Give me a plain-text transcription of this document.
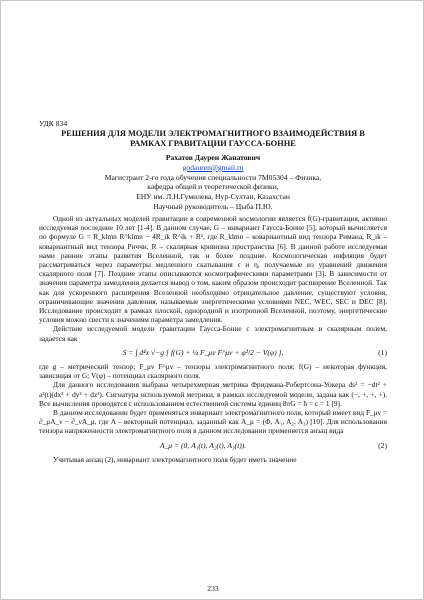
УДК 834
РЕШЕНИЯ ДЛЯ МОДЕЛИ ЭЛЕКТРОМАГНИТНОГО ВЗАИМОДЕЙСТВИЯ В
РАМКАХ ГРАВИТАЦИИ ГАУССА-БОННЕ
Рахатов Даурен Жанатович
godauren@gmail.ru
Магистрант 2-го года обучения специальности 7М05304 – Физика,
кафедра общей и теоретической физики,
ЕНУ им. Л.Н.Гумилева, Нур-Султан, Казахстан
Научный руководитель – Цыба П.Ю.

Одной из актуальных моделей гравитации в современной космологии является f(G)-гравитация, активно исследуемая последние 10 лет [1-4]. В данном случае, G – инвариант Гаусса-Бонне [5], который вычисляется по формуле G = R_klmn R^klmn − 4R_ik R^ik + R², где R_klmn – ковариантный вид тензора Римана, R_ik – ковариантный вид тензора Риччи, R – скалярная кривизна пространства [6]. В данной работе исследуемая нами ранние этапы развития Вселенной, так и более поздние. Космологическая инфляция будет рассматриваться через параметры медленного скатывания ε и η, получаемые из уравнений движения скалярного поля [7]. Поздние этапы описываются космографическими параметрами [3]. В зависимости от значения параметра замедления делается вывод о том, каким образом происходит расширение Вселенной. Так как для ускоренного расширения Вселенной необходимо отрицательное давление, существуют условия, ограничивающие значения давления, называемые энергетическими условиями NEC, WEC, SEC и DEC [8]. Исследование происходит в рамках плоской, однородной и изотропной Вселенной, поэтому, энергетические условия можно свести к значениям параметра замедления.

Действие исследуемой модели гравитации Гаусса-Бонне с электромагнитным и скалярным полем, задается как

S = ∫ d⁴x √−g [ f(G) + ¼ F_μν F^μν + φ̇²/2 − V(φ) ],	(1)

где g – метрический тензор; F_μν F^μν – тензоры электромагнитного поля; f(G) – некоторая функция, зависящая от G; V(φ) – потенциал скалярного поля.

Для данного исследования выбрана четырехмерная метрика Фридмана-Робертсона-Уокера ds² = −dt² + a²(t)(dx² + dy² + dz²). Сигнатура используемой метрики, в рамках исследуемой модели, задана как (−, +, +, +). Все вычисления проводятся с использованием естественной системы единиц 8πG = ħ = c = 1 [9].

В данном исследовании будет применяться инвариант электромагнитного поля, который имеет вид F_μν = ∂_μA_ν − ∂_νA_μ, где A – векторный потенциал, заданный как A_μ = (Φ, A₁, A₂, A₃) [10]. Для использования тензора напряженности электромагнитного поля в данном исследовании применяется анзац вида

A_μ = (0, A₁(t), A₂(t), A₃(t)).	(2)

Учитывая анзац (2), инвариант электромагнитного поля будет иметь значение

233
